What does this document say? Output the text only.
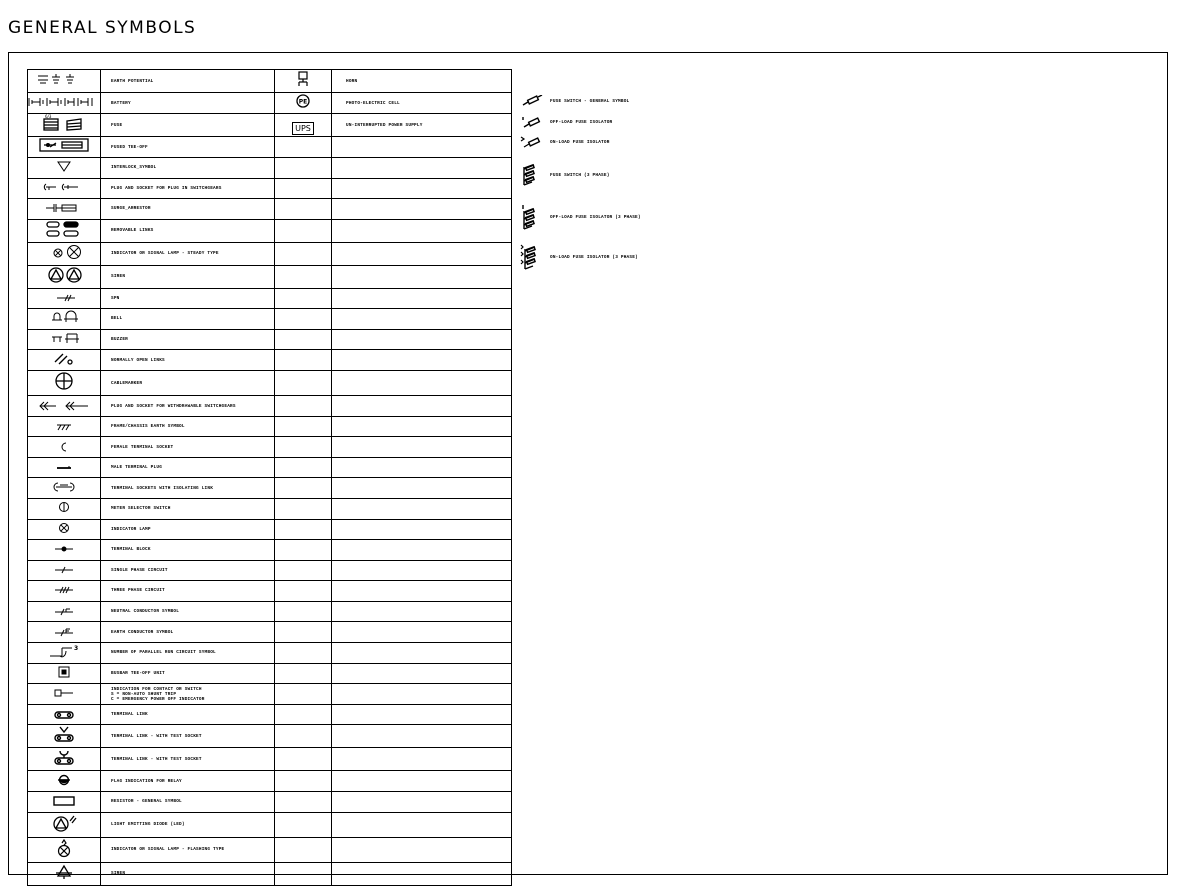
GENERAL SYMBOLS
	EARTH POTENTIAL		HORN
	BATTERY	PE	PHOTO-ELECTRIC CELL

6/3	FUSE	UPS	UN-INTERRUPTED POWER SUPPLY
	FUSED TEE-OFF		
	INTERLOCK_SYMBOL		
	PLUG AND SOCKET FOR PLUG IN SWITCHGEARS		
	SURGE_ARRESTOR		
	REMOVABLE LINKS		
	INDICATOR OR SIGNAL LAMP - STEADY TYPE		
	SIREN		
	SPN		
	BELL		
	BUZZER		
	NORMALLY OPEN LINKS		
	CABLEMARKER		
	PLUG AND SOCKET FOR WITHDRAWABLE SWITCHGEARS		
	FRAME/CHASSIS EARTH SYMBOL		
	FEMALE TERMINAL SOCKET		
	MALE TERMINAL PLUG		
	TERMINAL SOCKETS WITH ISOLATING LINK		
	METER SELECTOR SWITCH		
	INDICATOR LAMP		
	TERMINAL BLOCK		
	SINGLE PHASE CIRCUIT		
	THREE PHASE CIRCUIT		
	NEUTRAL CONDUCTOR SYMBOL		
	EARTH CONDUCTOR SYMBOL		

3	NUMBER OF PARALLEL RUN CIRCUIT SYMBOL		
	BUSBAR TEE-OFF UNIT		
	INDICATION FOR CONTACT OR SWITCH
S = NON-AUTO SHUNT TRIP
C = EMERGENCY POWER OFF INDICATOR		
	TERMINAL LINK		
	TERMINAL LINK - WITH TEST SOCKET		
	TERMINAL LINK - WITH TEST SOCKET		
	FLAG INDICATION FOR RELAY		
	RESISTOR - GENERAL SYMBOL		
	LIGHT EMITTING DIODE (LED)		
	INDICATOR OR SIGNAL LAMP - FLASHING TYPE		
	SIREN		
FUSE SWITCH - GENERAL SYMBOL
OFF-LOAD FUSE ISOLATOR
ON-LOAD FUSE ISOLATOR
FUSE SWITCH (3 PHASE)
OFF-LOAD FUSE ISOLATOR (3 PHASE)
ON-LOAD FUSE ISOLATOR (3 PHASE)
